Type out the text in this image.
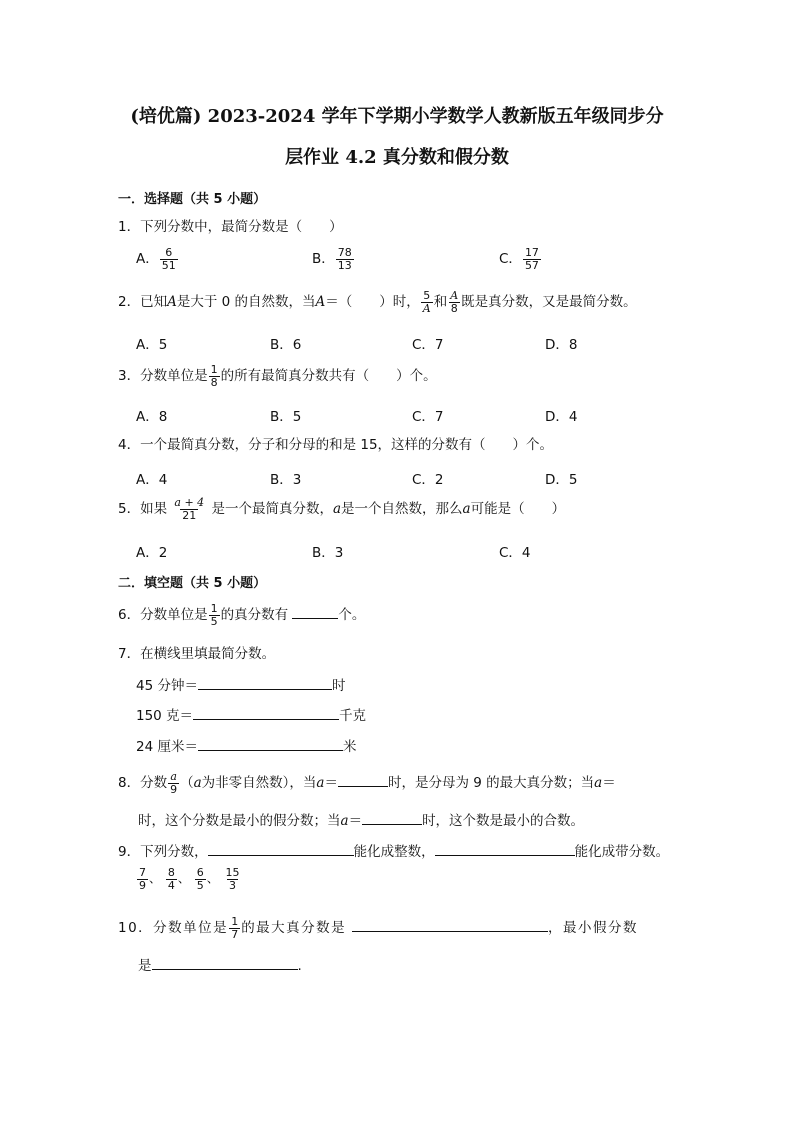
(培优篇) 2023-2024 学年下学期小学数学人教新版五年级同步分
层作业 4.2 真分数和假分数
一．选择题（共 5 小题）
1．下列分数中，最简分数是（　　）
A． $\frac{6}{51}$	B． $\frac{78}{13}$	C． $\frac{17}{57}$
2．已知A是大于 0 的自然数，当A＝（　　）时， $\frac{5}{A}$ 和 $\frac{A}{8}$ 既是真分数，又是最简分数。
A．5	B．6	C．7	D．8
3．分数单位是 $\frac{1}{8}$ 的所有最简真分数共有（　　）个。
A．8	B．5	C．7	D．4
4．一个最简真分数，分子和分母的和是 15，这样的分数有（　　）个。
A．4	B．3	C．2	D．5
5．如果 $\frac{a + 4}{21}$ 是一个最简真分数，a是一个自然数，那么a可能是（　　）
A．2	B．3	C．4
二．填空题（共 5 小题）
6．分数单位是 $\frac{1}{5}$ 的真分数有	个。
7．在横线里填最简分数。
45 分钟＝	时
150 克＝	千克
24 厘米＝	米
8．分数 $\frac{a}{9} (a$为非零自然数），当a＝	时，是分母为 9 的最大真分数；当a＝
时，这个分数是最小的假分数；当a＝	时，这个数是最小的合数。
9．下列分数，	能化成整数，	能化成带分数。
$\frac{7}{9}$ 、 $\frac{8}{4}$ 、 $\frac{6}{5}$ 、 $\frac{15}{3}$
10．分数单位是 $\frac{1}{7}$ 的最大真分数是	，最小假分数
是	.
